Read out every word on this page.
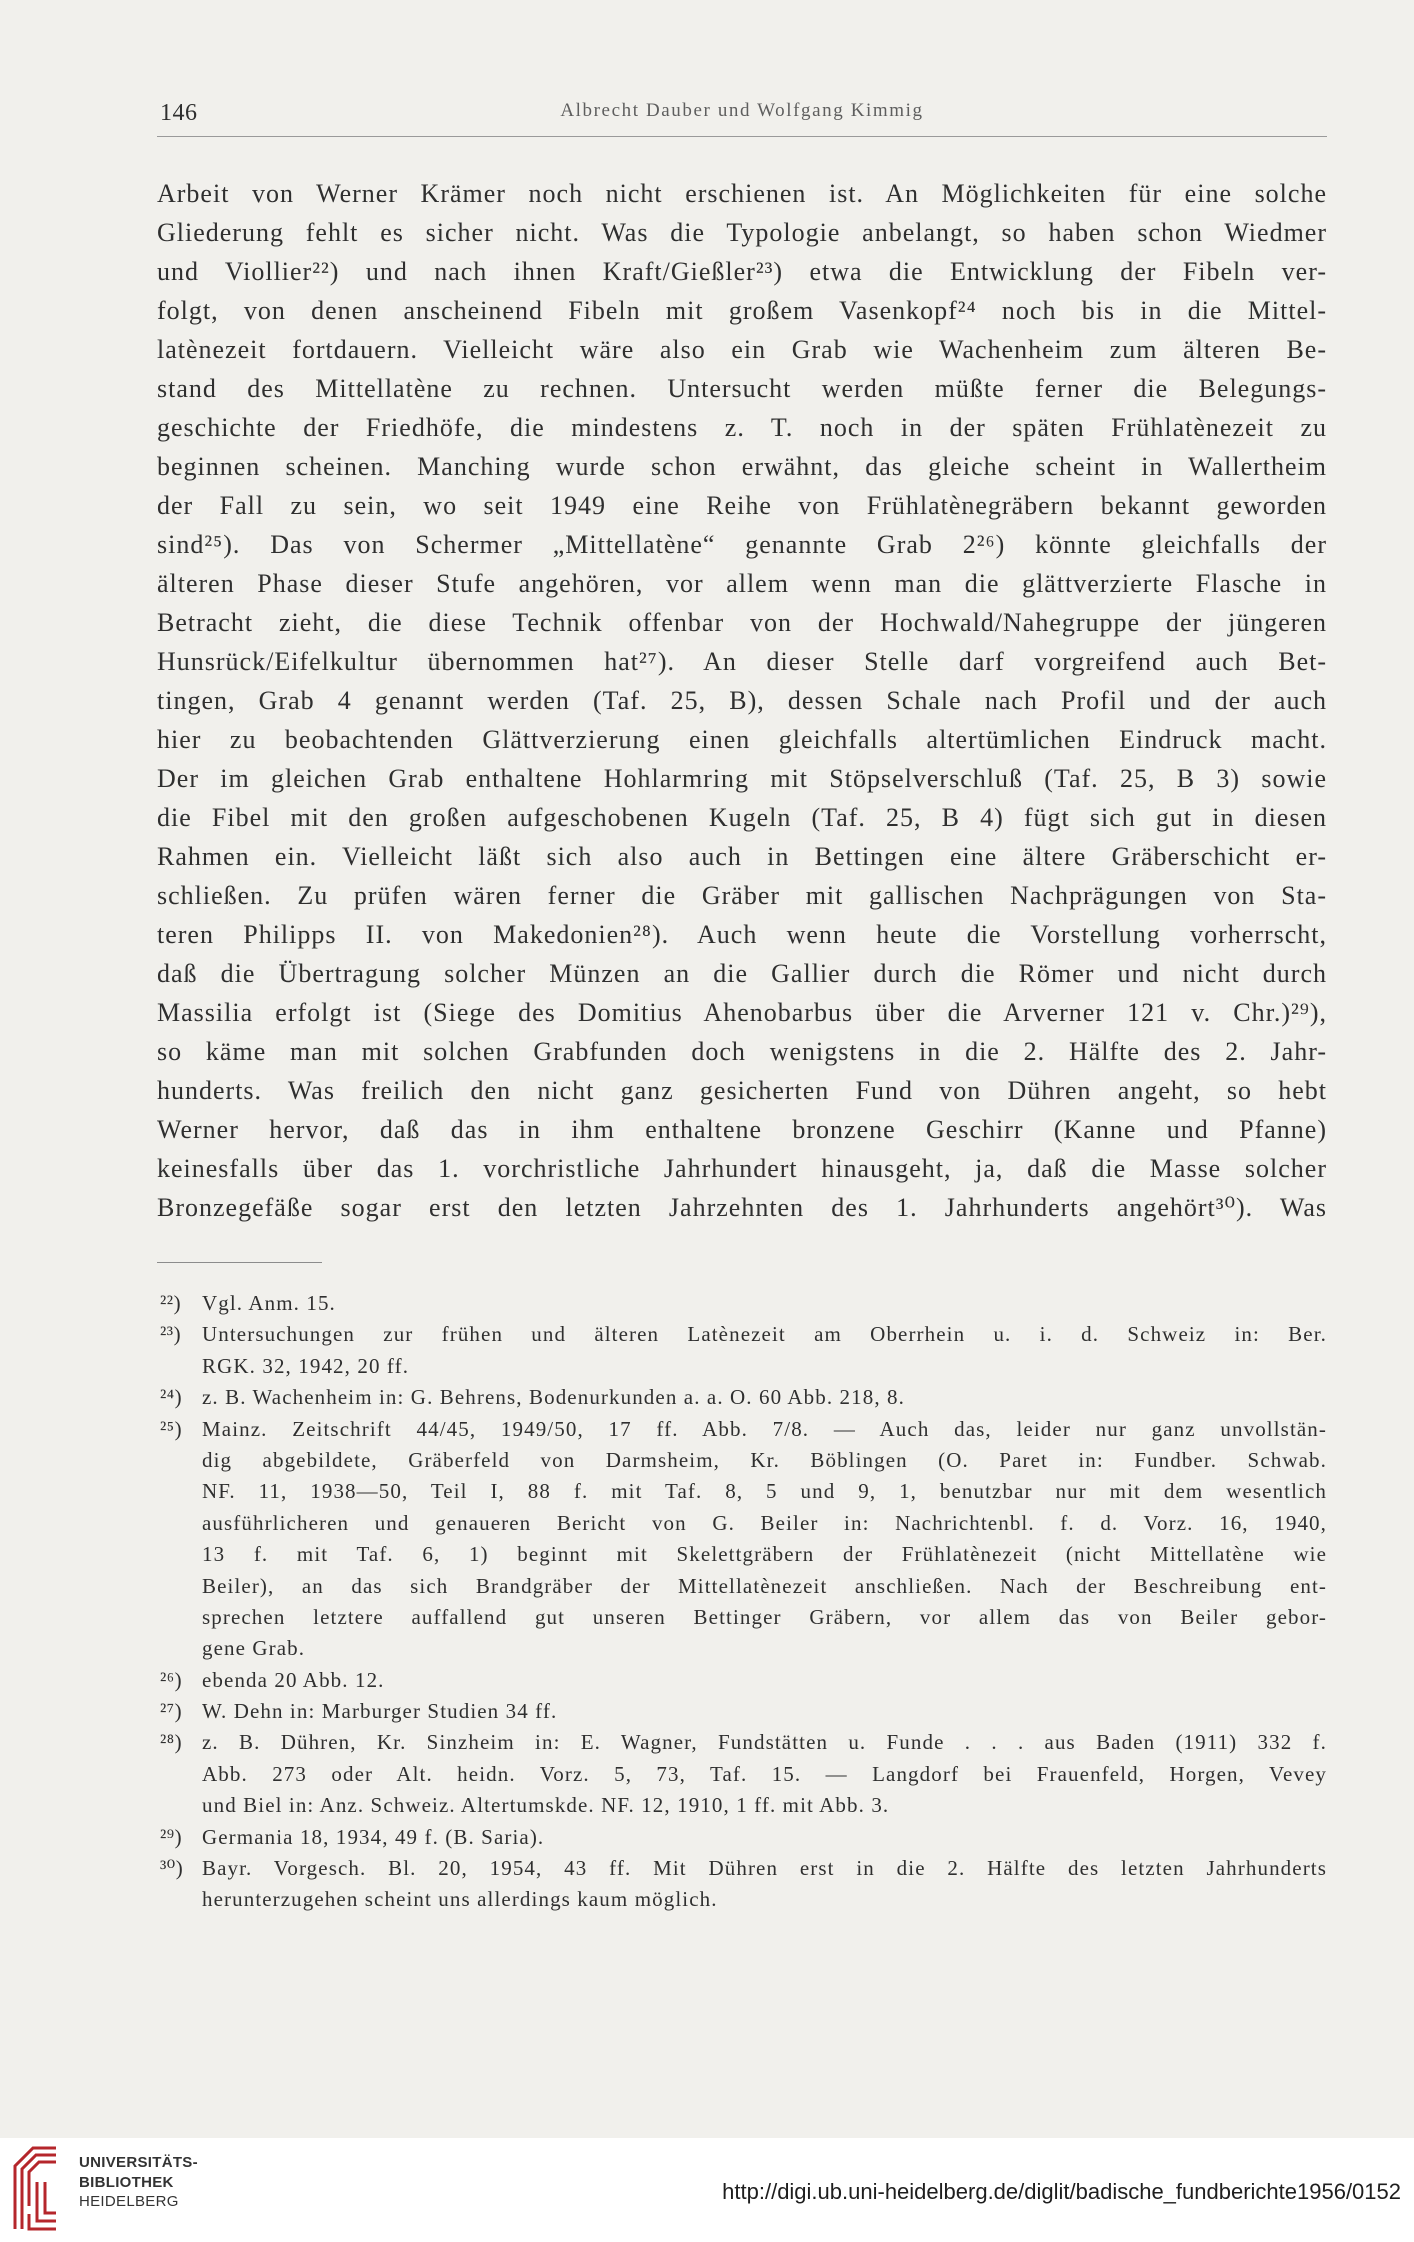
146	Albrecht Dauber und Wolfgang Kimmig
Arbeit von Werner Krämer noch nicht erschienen ist. An Möglichkeiten für eine solche
Gliederung fehlt es sicher nicht. Was die Typologie anbelangt, so haben schon Wiedmer
und Viollier²²) und nach ihnen Kraft/Gießler²³) etwa die Entwicklung der Fibeln ver-
folgt, von denen anscheinend Fibeln mit großem Vasenkopf²⁴ noch bis in die Mittel-
latènezeit fortdauern. Vielleicht wäre also ein Grab wie Wachenheim zum älteren Be-
stand des Mittellatène zu rechnen. Untersucht werden müßte ferner die Belegungs-
geschichte der Friedhöfe, die mindestens z. T. noch in der späten Frühlatènezeit zu
beginnen scheinen. Manching wurde schon erwähnt, das gleiche scheint in Wallertheim
der Fall zu sein, wo seit 1949 eine Reihe von Frühlatènegräbern bekannt geworden
sind²⁵). Das von Schermer „Mittellatène“ genannte Grab 2²⁶) könnte gleichfalls der
älteren Phase dieser Stufe angehören, vor allem wenn man die glättverzierte Flasche in
Betracht zieht, die diese Technik offenbar von der Hochwald/Nahegruppe der jüngeren
Hunsrück/Eifelkultur übernommen hat²⁷). An dieser Stelle darf vorgreifend auch Bet-
tingen, Grab 4 genannt werden (Taf. 25, B), dessen Schale nach Profil und der auch
hier zu beobachtenden Glättverzierung einen gleichfalls altertümlichen Eindruck macht.
Der im gleichen Grab enthaltene Hohlarmring mit Stöpselverschluß (Taf. 25, B 3) sowie
die Fibel mit den großen aufgeschobenen Kugeln (Taf. 25, B 4) fügt sich gut in diesen
Rahmen ein. Vielleicht läßt sich also auch in Bettingen eine ältere Gräberschicht er-
schließen. Zu prüfen wären ferner die Gräber mit gallischen Nachprägungen von Sta-
teren Philipps II. von Makedonien²⁸). Auch wenn heute die Vorstellung vorherrscht,
daß die Übertragung solcher Münzen an die Gallier durch die Römer und nicht durch
Massilia erfolgt ist (Siege des Domitius Ahenobarbus über die Arverner 121 v. Chr.)²⁹),
so käme man mit solchen Grabfunden doch wenigstens in die 2. Hälfte des 2. Jahr-
hunderts. Was freilich den nicht ganz gesicherten Fund von Dühren angeht, so hebt
Werner hervor, daß das in ihm enthaltene bronzene Geschirr (Kanne und Pfanne)
keinesfalls über das 1. vorchristliche Jahrhundert hinausgeht, ja, daß die Masse solcher
Bronzegefäße sogar erst den letzten Jahrzehnten des 1. Jahrhunderts angehört³⁰). Was
²²) Vgl. Anm. 15.
²³) Untersuchungen zur frühen und älteren Latènezeit am Oberrhein u. i. d. Schweiz in: Ber.
RGK. 32, 1942, 20 ff.
²⁴) z. B. Wachenheim in: G. Behrens, Bodenurkunden a. a. O. 60 Abb. 218, 8.
²⁵) Mainz. Zeitschrift 44/45, 1949/50, 17 ff. Abb. 7/8. — Auch das, leider nur ganz unvollstän-
dig abgebildete, Gräberfeld von Darmsheim, Kr. Böblingen (O. Paret in: Fundber. Schwab.
NF. 11, 1938—50, Teil I, 88 f. mit Taf. 8, 5 und 9, 1, benutzbar nur mit dem wesentlich
ausführlicheren und genaueren Bericht von G. Beiler in: Nachrichtenbl. f. d. Vorz. 16, 1940,
13 f. mit Taf. 6, 1) beginnt mit Skelettgräbern der Frühlatènezeit (nicht Mittellatène wie
Beiler), an das sich Brandgräber der Mittellatènezeit anschließen. Nach der Beschreibung ent-
sprechen letztere auffallend gut unseren Bettinger Gräbern, vor allem das von Beiler gebor-
gene Grab.
²⁶) ebenda 20 Abb. 12.
²⁷) W. Dehn in: Marburger Studien 34 ff.
²⁸) z. B. Dühren, Kr. Sinzheim in: E. Wagner, Fundstätten u. Funde . . . aus Baden (1911) 332 f.
Abb. 273 oder Alt. heidn. Vorz. 5, 73, Taf. 15. — Langdorf bei Frauenfeld, Horgen, Vevey
und Biel in: Anz. Schweiz. Altertumskde. NF. 12, 1910, 1 ff. mit Abb. 3.
²⁹) Germania 18, 1934, 49 f. (B. Saria).
³⁰) Bayr. Vorgesch. Bl. 20, 1954, 43 ff. Mit Dühren erst in die 2. Hälfte des letzten Jahrhunderts
herunterzugehen scheint uns allerdings kaum möglich.
UNIVERSITÄTS-
BIBLIOTHEK
HEIDELBERG	http://digi.ub.uni-heidelberg.de/diglit/badische_fundberichte1956/0152
